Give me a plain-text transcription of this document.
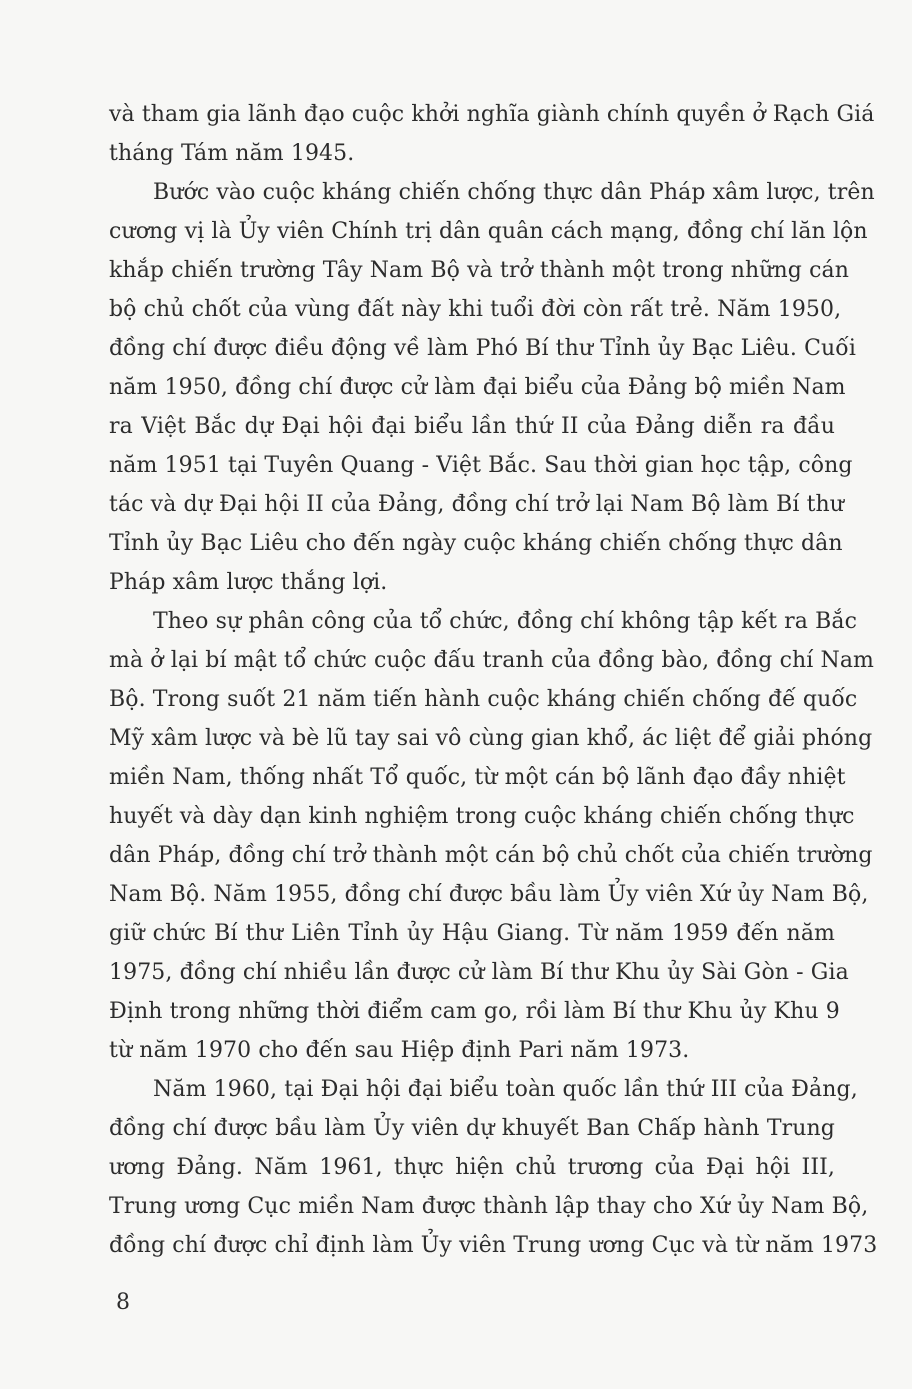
và tham gia lãnh đạo cuộc khởi nghĩa giành chính quyền ở Rạch Giá
tháng Tám năm 1945.
Bước vào cuộc kháng chiến chống thực dân Pháp xâm lược, trên
cương vị là Ủy viên Chính trị dân quân cách mạng, đồng chí lăn lộn
khắp chiến trường Tây Nam Bộ và trở thành một trong những cán
bộ chủ chốt của vùng đất này khi tuổi đời còn rất trẻ. Năm 1950,
đồng chí được điều động về làm Phó Bí thư Tỉnh ủy Bạc Liêu. Cuối
năm 1950, đồng chí được cử làm đại biểu của Đảng bộ miền Nam
ra Việt Bắc dự Đại hội đại biểu lần thứ II của Đảng diễn ra đầu
năm 1951 tại Tuyên Quang - Việt Bắc. Sau thời gian học tập, công
tác và dự Đại hội II của Đảng, đồng chí trở lại Nam Bộ làm Bí thư
Tỉnh ủy Bạc Liêu cho đến ngày cuộc kháng chiến chống thực dân
Pháp xâm lược thắng lợi.
Theo sự phân công của tổ chức, đồng chí không tập kết ra Bắc
mà ở lại bí mật tổ chức cuộc đấu tranh của đồng bào, đồng chí Nam
Bộ. Trong suốt 21 năm tiến hành cuộc kháng chiến chống đế quốc
Mỹ xâm lược và bè lũ tay sai vô cùng gian khổ, ác liệt để giải phóng
miền Nam, thống nhất Tổ quốc, từ một cán bộ lãnh đạo đầy nhiệt
huyết và dày dạn kinh nghiệm trong cuộc kháng chiến chống thực
dân Pháp, đồng chí trở thành một cán bộ chủ chốt của chiến trường
Nam Bộ. Năm 1955, đồng chí được bầu làm Ủy viên Xứ ủy Nam Bộ,
giữ chức Bí thư Liên Tỉnh ủy Hậu Giang. Từ năm 1959 đến năm
1975, đồng chí nhiều lần được cử làm Bí thư Khu ủy Sài Gòn - Gia
Định trong những thời điểm cam go, rồi làm Bí thư Khu ủy Khu 9
từ năm 1970 cho đến sau Hiệp định Pari năm 1973.
Năm 1960, tại Đại hội đại biểu toàn quốc lần thứ III của Đảng,
đồng chí được bầu làm Ủy viên dự khuyết Ban Chấp hành Trung
ương Đảng. Năm 1961, thực hiện chủ trương của Đại hội III,
Trung ương Cục miền Nam được thành lập thay cho Xứ ủy Nam Bộ,
đồng chí được chỉ định làm Ủy viên Trung ương Cục và từ năm 1973
8
